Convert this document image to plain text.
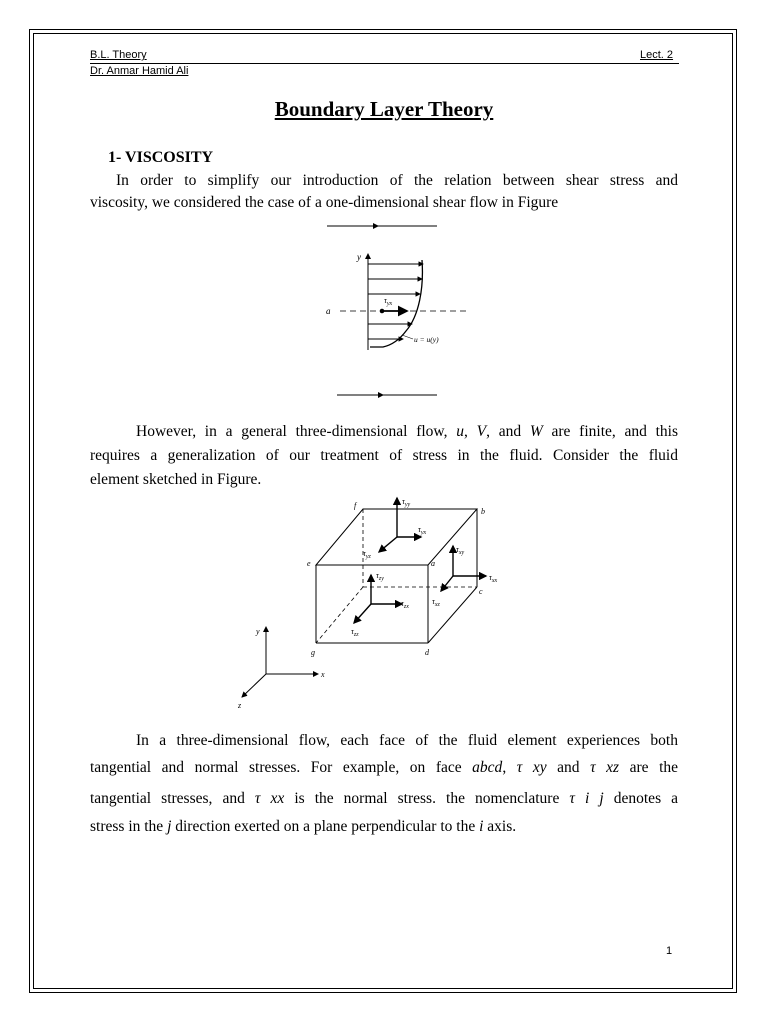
B.L. Theory	Lect. 2
Dr. Anmar Hamid Ali
Boundary Layer Theory
1- VISCOSITY
In order to simplify our introduction of the relation between shear stress and
viscosity, we considered the case of a one-dimensional shear flow in Figure
y
a
$\tau_{yx}$
u = u(y)
However, in a general three-dimensional flow, u, V, and W are finite, and this
requires a generalization of our treatment of stress in the fluid. Consider the fluid
element sketched in Figure.
f
b
e	a
c
g	d
$\tau_{yy}$
$\tau_{yx}$
$\tau_{yz}$
$\tau_{xy}$
$\tau_{xx}$
$\tau_{xz}$
$\tau_{zy}$
$\tau_{zx}$
$\tau_{zz}$
y
x
z
In a three-dimensional flow, each face of the fluid element experiences both
tangential and normal stresses. For example, on face abcd, τ xy and τ xz are the
tangential stresses, and τ xx is the normal stress. the nomenclature τ i j denotes a
stress in the j direction exerted on a plane perpendicular to the i axis.
1
